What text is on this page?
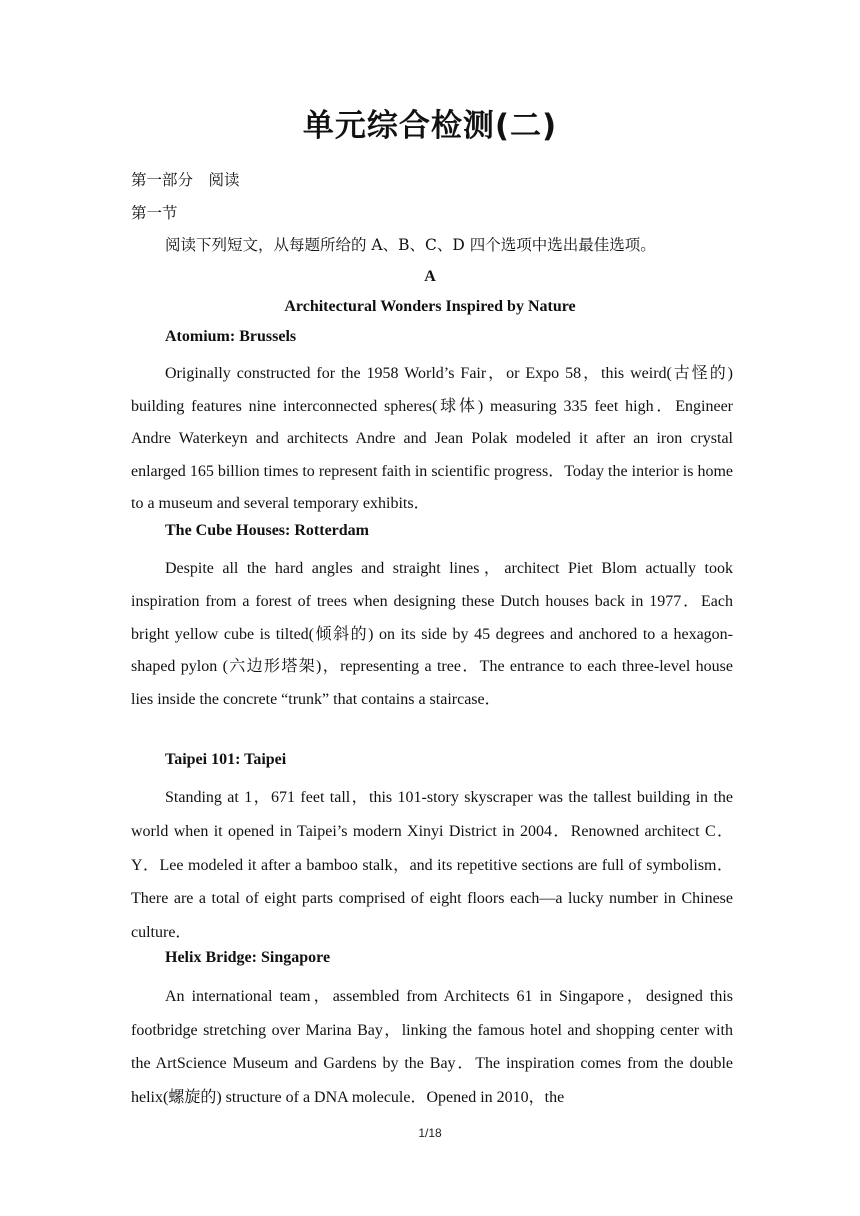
单元综合检测(二)
第一部分　阅读
第一节
阅读下列短文，从每题所给的 A、B、C、D 四个选项中选出最佳选项。
A
Architectural Wonders Inspired by Nature
Atomium: Brussels
Originally constructed for the 1958 World’s Fair，or Expo 58，this weird(古怪的) building features nine interconnected spheres(球体) measuring 335 feet high．Engineer Andre Waterkeyn and architects Andre and Jean Polak modeled it after an iron crystal enlarged 165 billion times to represent faith in scientific progress．Today the interior is home to a museum and several temporary exhibits．
The Cube Houses: Rotterdam
Despite all the hard angles and straight lines，architect Piet Blom actually took inspiration from a forest of trees when designing these Dutch houses back in 1977．Each bright yellow cube is tilted(倾斜的) on its side by 45 degrees and anchored to a hexagon-shaped pylon (六边形塔架)，representing a tree．The entrance to each three-level house lies inside the concrete “trunk” that contains a staircase．
Taipei 101: Taipei
Standing at 1，671 feet tall，this 101-story skyscraper was the tallest building in the world when it opened in Taipei’s modern Xinyi District in 2004．Renowned architect C．Y．Lee modeled it after a bamboo stalk，and its repetitive sections are full of symbolism．There are a total of eight parts comprised of eight floors each—a lucky number in Chinese culture．
Helix Bridge: Singapore
An international team，assembled from Architects 61 in Singapore，designed this footbridge stretching over Marina Bay，linking the famous hotel and shopping center with the ArtScience Museum and Gardens by the Bay．The inspiration comes from the double helix(螺旋的) structure of a DNA molecule．Opened in 2010，the
1/18
